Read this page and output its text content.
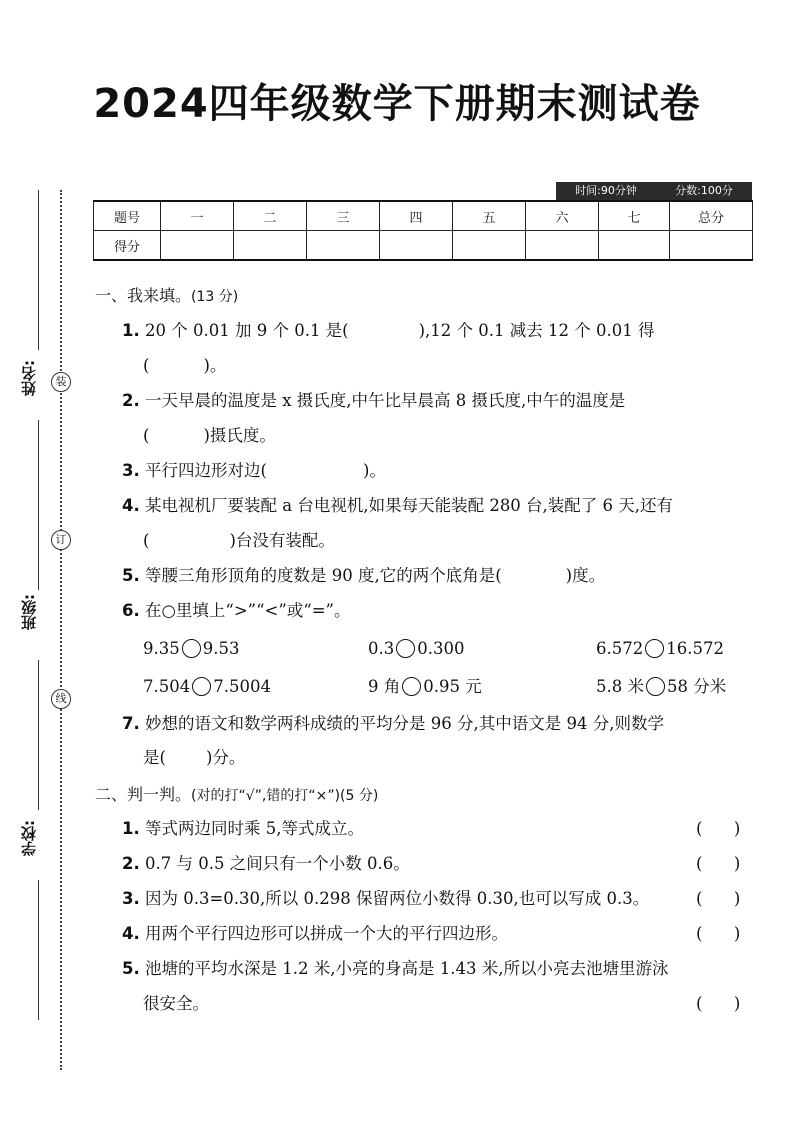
2024四年级数学下册期末测试卷
姓名:
班级:
学校:
装
订
线
时间:90分钟	分数:100分
题号	一	二	三	四	五	六	七	总分
得分								
一、我来填。(13 分)
1. 20 个 0.01 加 9 个 0.1 是(	),12 个 0.1 减去 12 个 0.01 得
(	)。
2. 一天早晨的温度是 x 摄氏度,中午比早晨高 8 摄氏度,中午的温度是
(	)摄氏度。
3. 平行四边形对边(	)。
4. 某电视机厂要装配 a 台电视机,如果每天能装配 280 台,装配了 6 天,还有
(	)台没有装配。
5. 等腰三角形顶角的度数是 90 度,它的两个底角是(	)度。
6. 在○里填上“>”“<”或“=”。
9.35 9.53	0.3 0.300	6.572 16.572
7.504 7.5004	9 角 0.95 元	5.8 米 58 分米
7. 妙想的语文和数学两科成绩的平均分是 96 分,其中语文是 94 分,则数学
是( )分。
二、判一判。(对的打“√”,错的打“×”)(5 分)
1. 等式两边同时乘 5,等式成立。	(      )
2. 0.7 与 0.5 之间只有一个小数 0.6。	(      )
3. 因为 0.3=0.30,所以 0.298 保留两位小数得 0.30,也可以写成 0.3。	(      )
4. 用两个平行四边形可以拼成一个大的平行四边形。	(      )
5. 池塘的平均水深是 1.2 米,小亮的身高是 1.43 米,所以小亮去池塘里游泳
很安全。	(      )
